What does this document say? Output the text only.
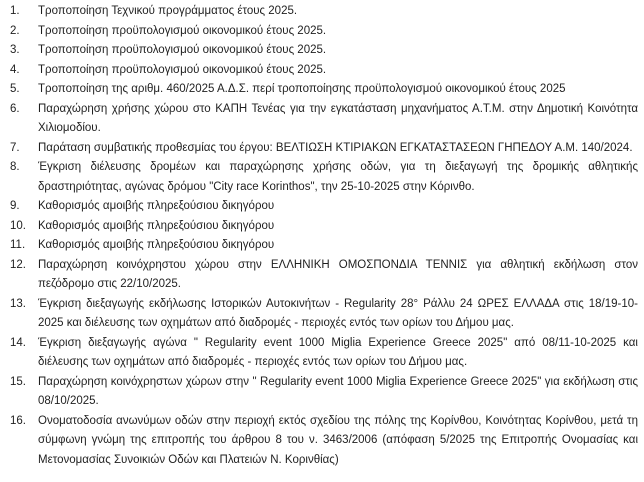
1.	Τροποποίηση Τεχνικού προγράμματος έτους 2025.
2.	Τροποποίηση προϋπολογισμού οικονομικού έτους 2025.
3.	Τροποποίηση προϋπολογισμού οικονομικού έτους 2025.
4.	Τροποποίηση προϋπολογισμού οικονομικού έτους 2025.
5.	Τροποποίηση της αριθμ. 460/2025 Α.Δ.Σ. περί τροποποίησης προϋπολογισμού οικονομικού έτους 2025
6.	Παραχώρηση χρήσης χώρου στο ΚΑΠΗ Τενέας για την εγκατάσταση μηχανήματος Α.Τ.Μ. στην Δημοτική Κοινότητα Χιλιομοδίου.
7.	Παράταση συμβατικής προθεσμίας του έργου: ΒΕΛΤΙΩΣΗ ΚΤΙΡΙΑΚΩΝ ΕΓΚΑΤΑΣΤΑΣΕΩΝ ΓΗΠΕΔΟΥ Α.Μ. 140/2024.
8.	Έγκριση διέλευσης δρομέων και παραχώρησης χρήσης οδών, για τη διεξαγωγή της δρομικής αθλητικής δραστηριότητας, αγώνας δρόμου "City race Korinthos", την 25-10-2025 στην Κόρινθο.
9.	Καθορισμός αμοιβής πληρεξούσιου δικηγόρου
10.	Καθορισμός αμοιβής πληρεξούσιου δικηγόρου
11.	Καθορισμός αμοιβής πληρεξούσιου δικηγόρου
12.	Παραχώρηση κοινόχρηστου χώρου στην ΕΛΛΗΝΙΚΗ ΟΜΟΣΠΟΝΔΙΑ ΤΕΝΝΙΣ για αθλητική εκδήλωση στον πεζόδρομο στις 22/10/2025.
13.	Έγκριση διεξαγωγής εκδήλωσης Ιστορικών Αυτοκινήτων - Regularity 28° Ράλλυ 24 ΩΡΕΣ ΕΛΛΑΔΑ στις 18/19-10-2025 και διέλευσης των οχημάτων από διαδρομές - περιοχές εντός των ορίων του Δήμου μας.
14.	Έγκριση διεξαγωγής αγώνα " Regularity event 1000 Miglia Experience Greece 2025" από 08/11-10-2025 και διέλευσης των οχημάτων από διαδρομές - περιοχές εντός των ορίων του Δήμου μας.
15.	Παραχώρηση κοινόχρηστων χώρων στην " Regularity event 1000 Miglia Experience Greece 2025" για εκδήλωση στις 08/10/2025.
16.	Ονοματοδοσία ανωνύμων οδών στην περιοχή εκτός σχεδίου της πόλης της Κορίνθου, Κοινότητας Κορίνθου, μετά τη σύμφωνη γνώμη της επιτροπής του άρθρου 8 του ν. 3463/2006 (απόφαση 5/2025 της Επιτροπής Ονομασίας και Μετονομασίας Συνοικιών Οδών και Πλατειών Ν. Κορινθίας)
